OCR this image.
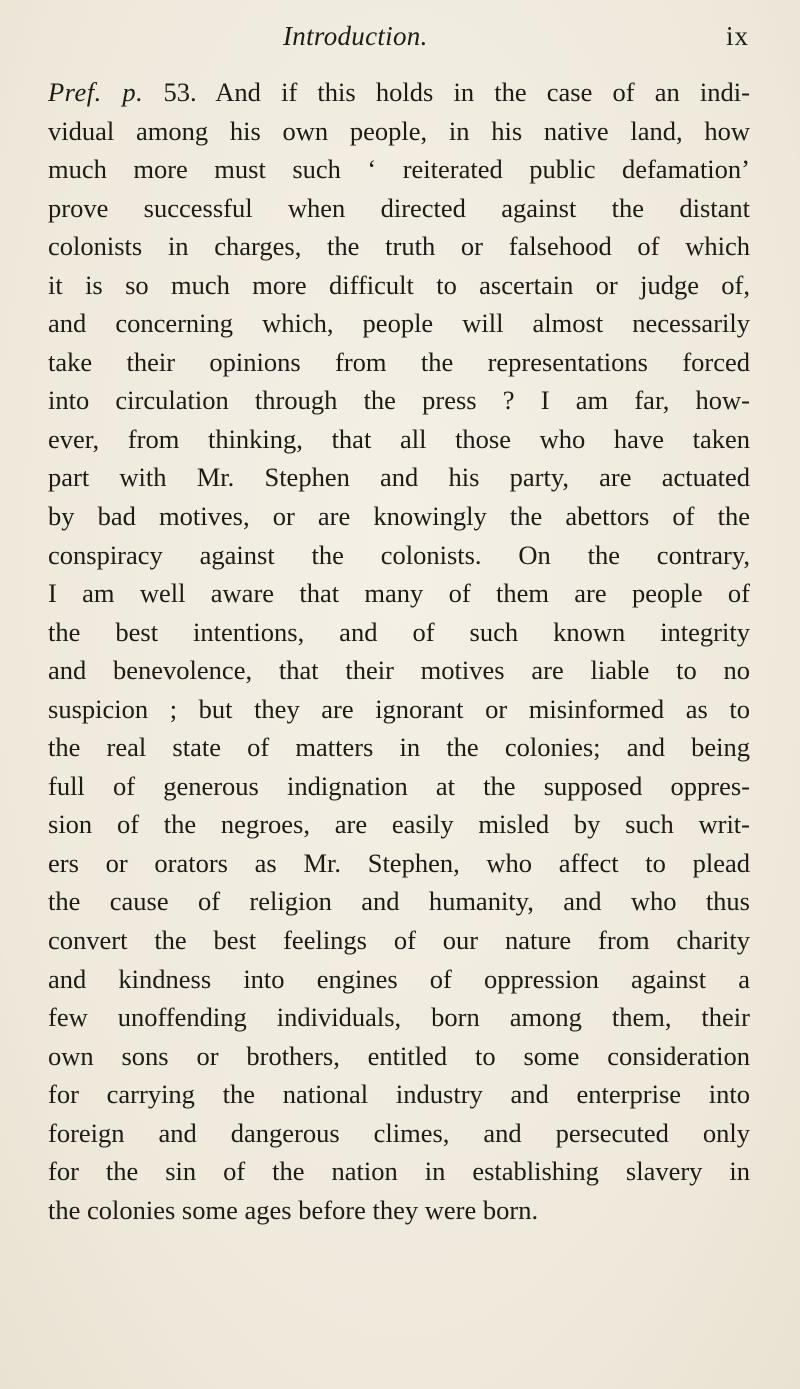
Introduction.	ix
Pref. p. 53. And if this holds in the case of an indi-
vidual among his own people, in his native land, how
much more must such ‘ reiterated public defamation’
prove successful when directed against the distant
colonists in charges, the truth or falsehood of which
it is so much more difficult to ascertain or judge of,
and concerning which, people will almost necessarily
take their opinions from the representations forced
into circulation through the press ? I am far, how-
ever, from thinking, that all those who have taken
part with Mr. Stephen and his party, are actuated
by bad motives, or are knowingly the abettors of the
conspiracy against the colonists. On the contrary,
I am well aware that many of them are people of
the best intentions, and of such known integrity
and benevolence, that their motives are liable to no
suspicion ; but they are ignorant or misinformed as to
the real state of matters in the colonies; and being
full of generous indignation at the supposed oppres-
sion of the negroes, are easily misled by such writ-
ers or orators as Mr. Stephen, who affect to plead
the cause of religion and humanity, and who thus
convert the best feelings of our nature from charity
and kindness into engines of oppression against a
few unoffending individuals, born among them, their
own sons or brothers, entitled to some consideration
for carrying the national industry and enterprise into
foreign and dangerous climes, and persecuted only
for the sin of the nation in establishing slavery in
the colonies some ages before they were born.
